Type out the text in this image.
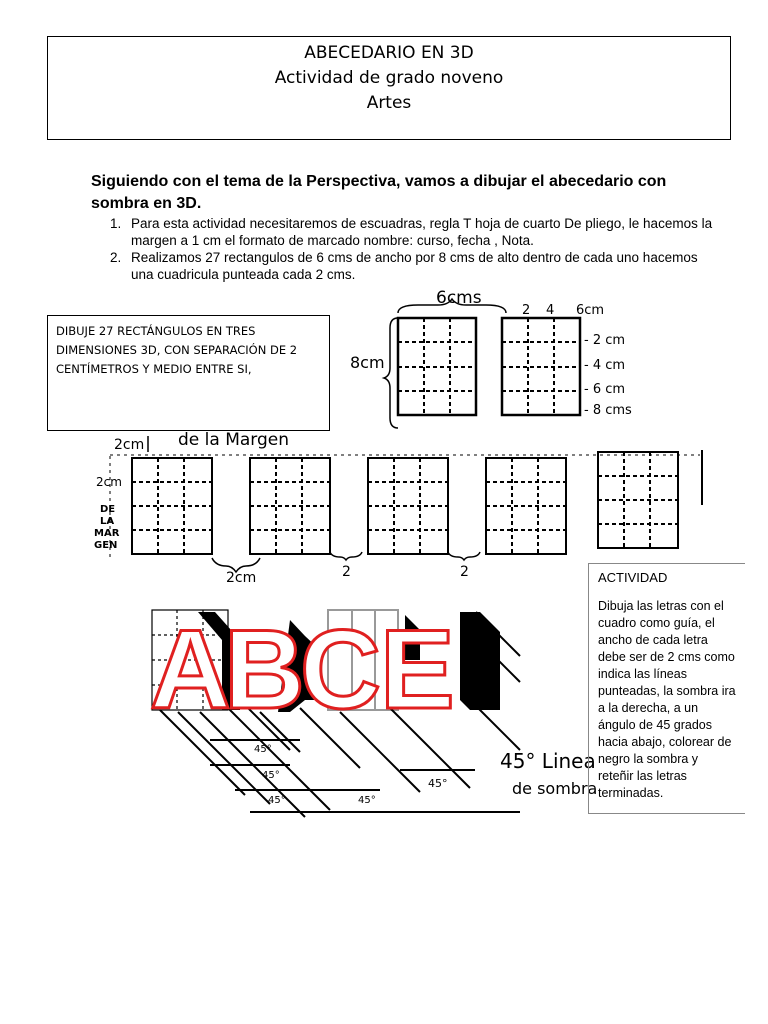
ABECEDARIO EN 3D
Actividad de grado noveno
Artes
Siguiendo con el tema de la Perspectiva, vamos a dibujar el abecedario con sombra en 3D.
1. Para esta actividad necesitaremos de escuadras, regla T hoja de cuarto De pliego, le hacemos la margen a 1 cm el formato de marcado nombre: curso, fecha , Nota.
2. Realizamos 27 rectangulos de 6 cms de ancho por 8 cms de alto dentro de cada uno hacemos una cuadricula punteada cada 2 cms.
6cms
8cm
2 4 6cm
- 2 cm
- 4 cm
- 6 cm
- 8 cms
2cm de la Margen
2cm
DE
LA
MAR
GEN
2cm	2	2
A
B
C E
45°
45°
45°	45°
45°
45° Linea
de sombra
DIBUJE 27 RECTÁNGULOS EN TRES DIMENSIONES 3D, CON SEPARACIÓN DE 2 CENTÍMETROS Y MEDIO ENTRE SI,
ACTIVIDAD
Dibuja las letras con el cuadro como guía, el ancho de cada letra debe ser de 2 cms como indica las líneas punteadas, la sombra ira a la derecha, a un ángulo de 45 grados hacia abajo, colorear de negro la sombra y reteñir las letras terminadas.
